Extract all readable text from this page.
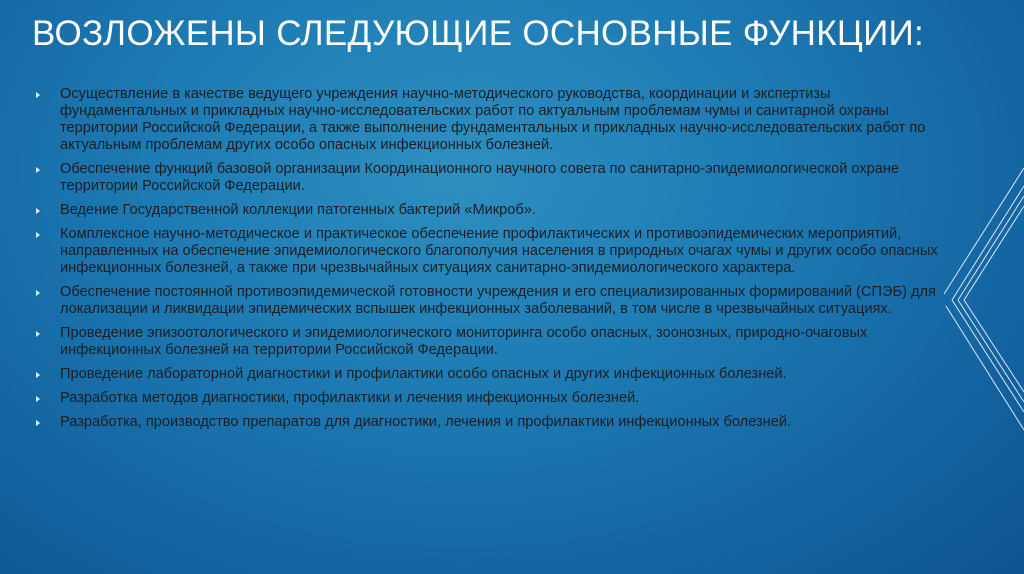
ВОЗЛОЖЕНЫ СЛЕДУЮЩИЕ ОСНОВНЫЕ ФУНКЦИИ:
Осуществление в качестве ведущего учреждения научно-методического руководства, координации и экспертизы фундаментальных и прикладных научно-исследовательских работ по актуальным проблемам чумы и санитарной охраны территории Российской Федерации, а также выполнение фундаментальных и прикладных научно-исследовательских работ по актуальным проблемам других особо опасных инфекционных болезней.
Обеспечение функций базовой организации Координационного научного совета по санитарно-эпидемиологической охране территории Российской Федерации.
Ведение Государственной коллекции патогенных бактерий «Микроб».
Комплексное научно-методическое и практическое обеспечение профилактических и противоэпидемических мероприятий, направленных на обеспечение эпидемиологического благополучия населения в природных очагах чумы и других особо опасных инфекционных болезней, а также при чрезвычайных ситуациях санитарно-эпидемиологического характера.
Обеспечение постоянной противоэпидемической готовности учреждения и его специализированных формирований (СПЭБ) для локализации и ликвидации эпидемических вспышек инфекционных заболеваний, в том числе в чрезвычайных ситуациях.
Проведение эпизоотологического и эпидемиологического мониторинга особо опасных, зоонозных, природно-очаговых инфекционных болезней на территории Российской Федерации.
Проведение лабораторной диагностики и профилактики особо опасных и других инфекционных болезней.
Разработка методов диагностики, профилактики и лечения инфекционных болезней.
Разработка, производство препаратов для диагностики, лечения и профилактики инфекционных болезней.
